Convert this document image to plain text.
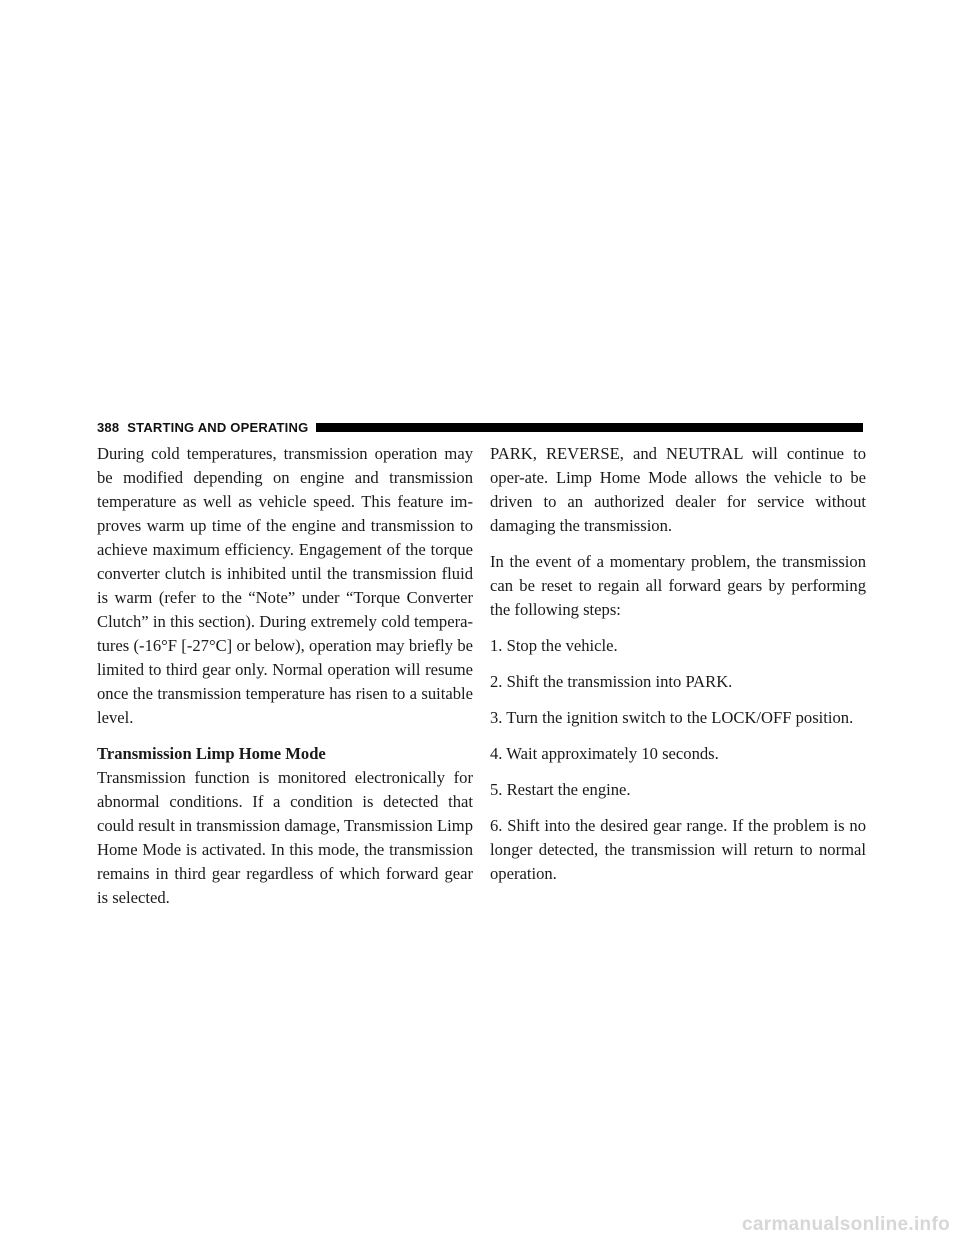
388 STARTING AND OPERATING

During cold temperatures, transmission operation may be modified depending on engine and transmission temperature as well as vehicle speed. This feature im-proves warm up time of the engine and transmission to achieve maximum efficiency. Engagement of the torque converter clutch is inhibited until the transmission fluid is warm (refer to the “Note” under “Torque Converter Clutch” in this section). During extremely cold tempera-tures (-16°F [-27°C] or below), operation may briefly be limited to third gear only. Normal operation will resume once the transmission temperature has risen to a suitable level.

Transmission Limp Home Mode

Transmission function is monitored electronically for abnormal conditions. If a condition is detected that could result in transmission damage, Transmission Limp Home Mode is activated. In this mode, the transmission remains in third gear regardless of which forward gear is selected.

PARK, REVERSE, and NEUTRAL will continue to oper-ate. Limp Home Mode allows the vehicle to be driven to an authorized dealer for service without damaging the transmission.

In the event of a momentary problem, the transmission can be reset to regain all forward gears by performing the following steps:

1. Stop the vehicle.
2. Shift the transmission into PARK.
3. Turn the ignition switch to the LOCK/OFF position.
4. Wait approximately 10 seconds.
5. Restart the engine.
6. Shift into the desired gear range. If the problem is no longer detected, the transmission will return to normal operation.
carmanualsonline.info
